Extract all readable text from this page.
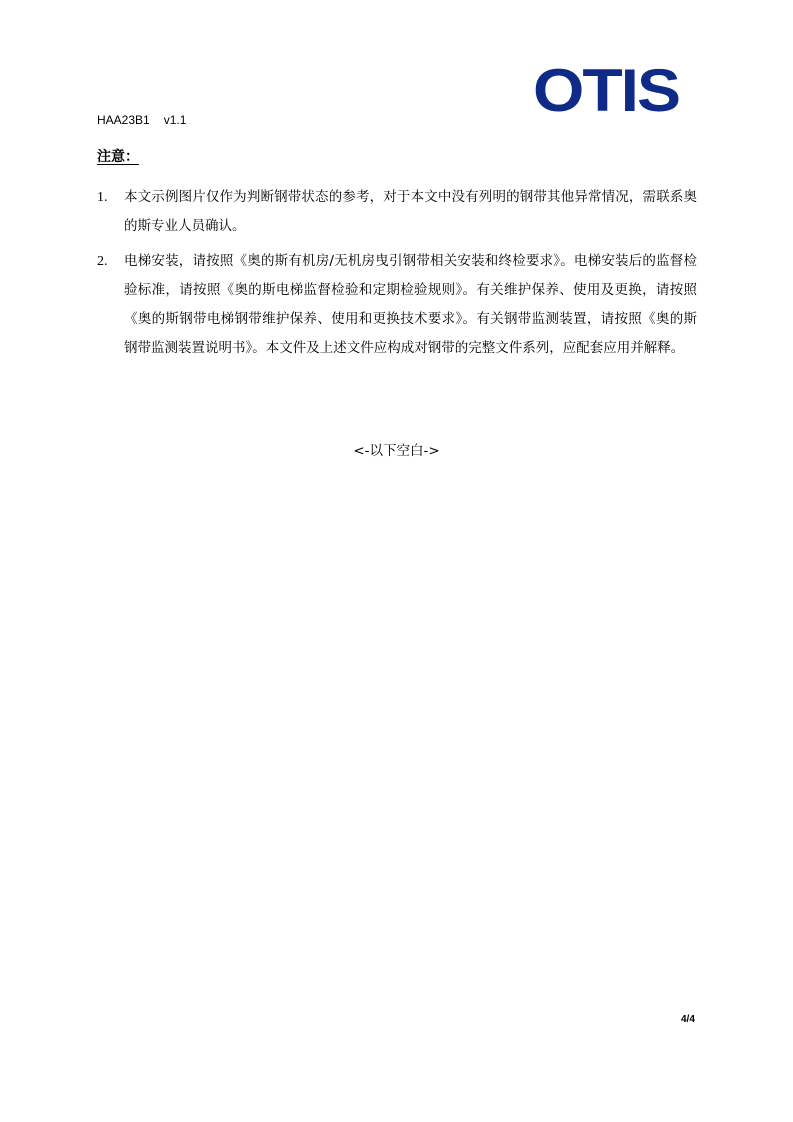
OTIS
HAA23B1 v1.1
注意：
1. 本文示例图片仅作为判断钢带状态的参考，对于本文中没有列明的钢带其他异常情况，需联系奥的斯专业人员确认。
2. 电梯安装，请按照《奥的斯有机房/无机房曳引钢带相关安装和终检要求》。电梯安装后的监督检验标准，请按照《奥的斯电梯监督检验和定期检验规则》。有关维护保养、使用及更换，请按照《奥的斯钢带电梯钢带维护保养、使用和更换技术要求》。有关钢带监测装置，请按照《奥的斯钢带监测装置说明书》。本文件及上述文件应构成对钢带的完整文件系列，应配套应用并解释。
<-以下空白->
4/4
